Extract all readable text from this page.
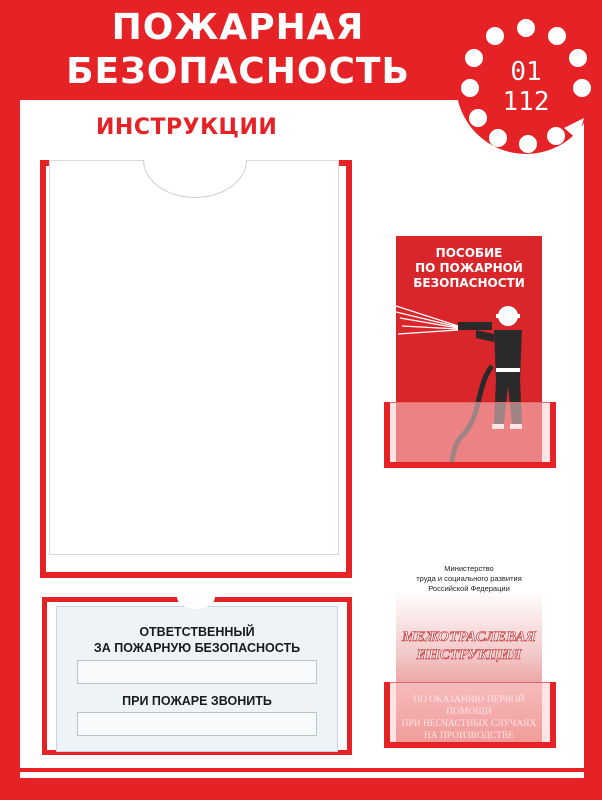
ПОЖАРНАЯ
БЕЗОПАСНОСТЬ
ИНСТРУКЦИИ
01
112
ОТВЕТСТВЕННЫЙ
ЗА ПОЖАРНУЮ БЕЗОПАСНОСТЬ
ПРИ ПОЖАРЕ ЗВОНИТЬ
ПОСОБИЕ
ПО ПОЖАРНОЙ
БЕЗОПАСНОСТИ
Министерство
труда и социального развития
Российской Федерации
МЕЖОТРАСЛЕВАЯ
ИНСТРУКЦИЯ
